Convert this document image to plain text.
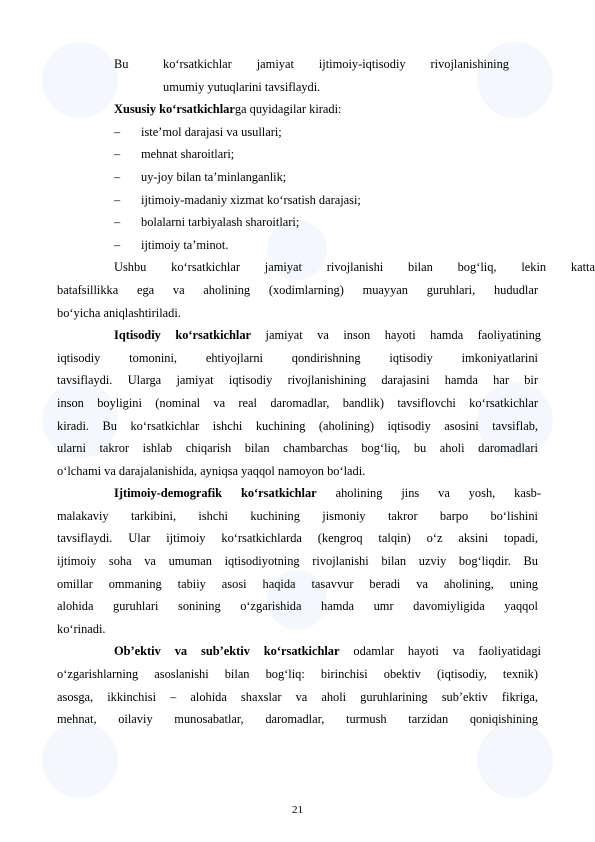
Bu	ko‘rsatkichlar jamiyat ijtimoiy-iqtisodiy rivojlanishining
umumiy yutuqlarini tavsiflaydi.
Xususiy ko‘rsatkichlarga quyidagilar kiradi:
–	iste’mol darajasi va usullari;
–	mehnat sharoitlari;
–	uy-joy bilan ta’minlanganlik;
–	ijtimoiy-madaniy xizmat ko‘rsatish darajasi;
–	bolalarni tarbiyalash sharoitlari;
–	ijtimoiy ta’minot.
Ushbu ko‘rsatkichlar jamiyat rivojlanishi bilan bog‘liq, lekin katta
batafsillikka ega va aholining (xodimlarning) muayyan guruhlari, hududlar
bo‘yicha aniqlashtiriladi.
Iqtisodiy ko‘rsatkichlar jamiyat va inson hayoti hamda faoliyatining
iqtisodiy tomonini, ehtiyojlarni qondirishning iqtisodiy imkoniyatlarini
tavsiflaydi. Ularga jamiyat iqtisodiy rivojlanishining darajasini hamda har bir
inson boyligini (nominal va real daromadlar, bandlik) tavsiflovchi ko‘rsatkichlar
kiradi. Bu ko‘rsatkichlar ishchi kuchining (aholining) iqtisodiy asosini tavsiflab,
ularni takror ishlab chiqarish bilan chambarchas bog‘liq, bu aholi daromadlari
o‘lchami va darajalanishida, ayniqsa yaqqol namoyon bo‘ladi.
Ijtimoiy-demografik ko‘rsatkichlar aholining jins va yosh, kasb-
malakaviy tarkibini, ishchi kuchining jismoniy takror barpo bo‘lishini
tavsiflaydi. Ular ijtimoiy ko‘rsatkichlarda (kengroq talqin) o‘z aksini topadi,
ijtimoiy soha va umuman iqtisodiyotning rivojlanishi bilan uzviy bog‘liqdir. Bu
omillar ommaning tabiiy asosi haqida tasavvur beradi va aholining, uning
alohida guruhlari sonining o‘zgarishida hamda umr davomiyligida yaqqol
ko‘rinadi.
Ob’ektiv va sub’ektiv ko‘rsatkichlar odamlar hayoti va faoliyatidagi
o‘zgarishlarning asoslanishi bilan bog‘liq: birinchisi obektiv (iqtisodiy, texnik)
asosga, ikkinchisi – alohida shaxslar va aholi guruhlarining sub’ektiv fikriga,
mehnat, oilaviy munosabatlar, daromadlar, turmush tarzidan qoniqishining
21
